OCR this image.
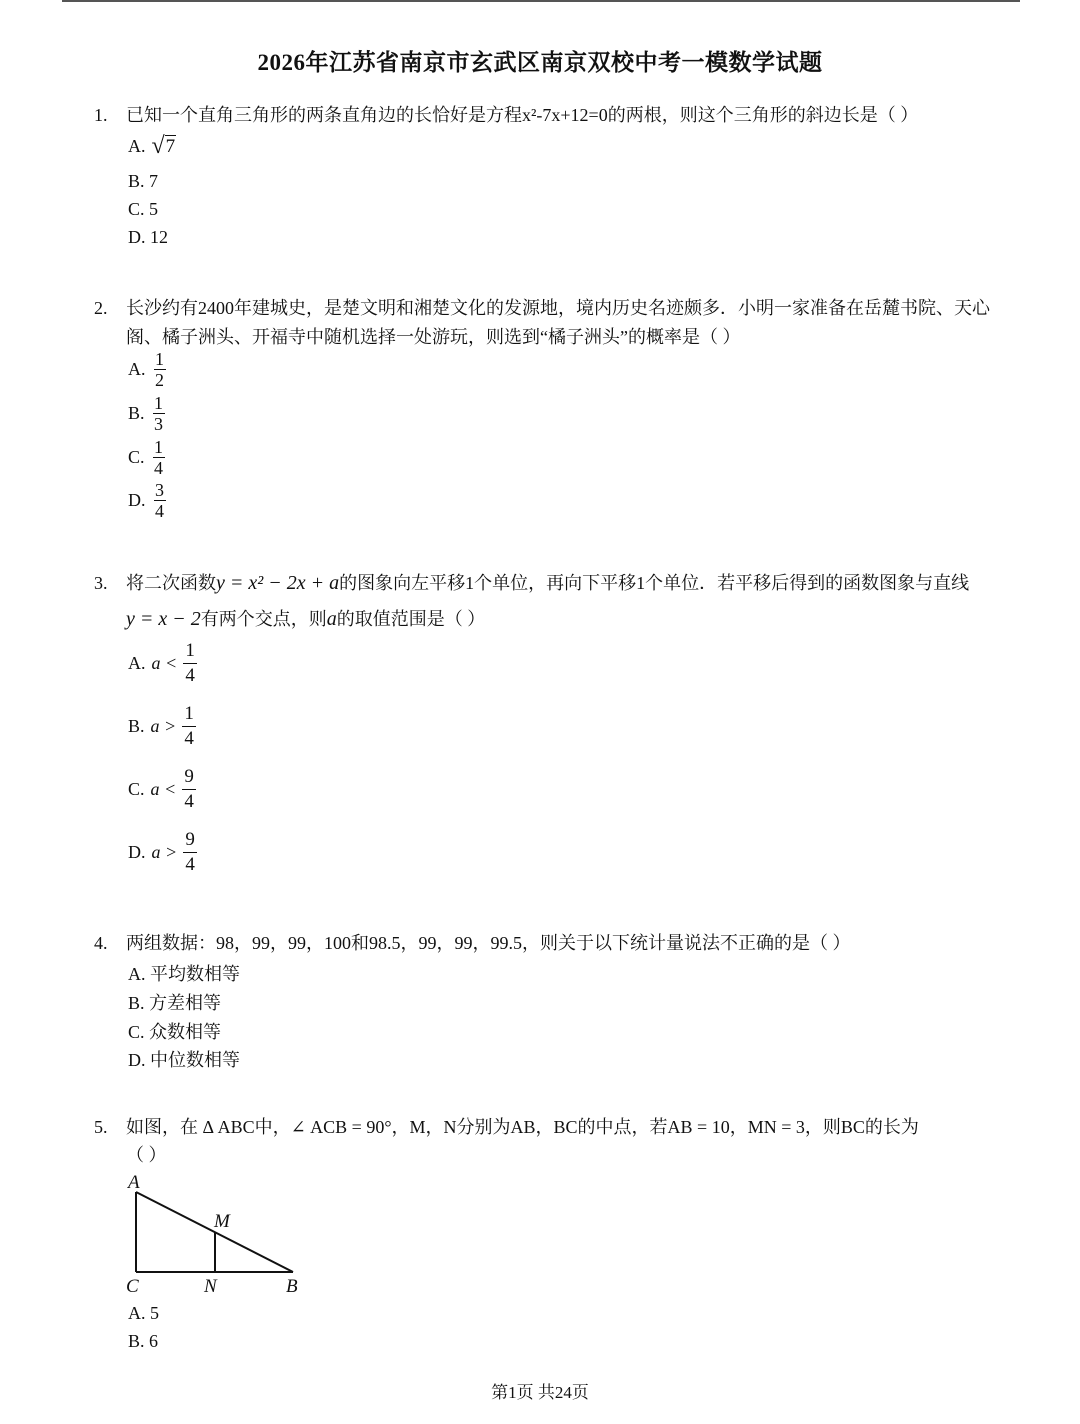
2026年江苏省南京市玄武区南京双校中考一模数学试题
1.	已知一个直角三角形的两条直角边的长恰好是方程x²-7x+12=0的两根，则这个三角形的斜边长是（ ）
A. √ 7
B. 7
C. 5
D. 12
2.	长沙约有2400年建城史，是楚文明和湘楚文化的发源地，境内历史名迹颇多．小明一家准备在岳麓书院、天心
阁、橘子洲头、开福寺中随机选择一处游玩，则选到“橘子洲头”的概率是（ ）
A. $\frac{1}{2}$
B. $\frac{1}{3}$
C. $\frac{1}{4}$
D. $\frac{3}{4}$
3.	将二次函数y = x² − 2x + a的图象向左平移1个单位，再向下平移1个单位．若平移后得到的函数图象与直线
y = x − 2有两个交点，则a的取值范围是（ ）
A. $a < \frac{1}{4}$
B. $a > \frac{1}{4}$
C. $a < \frac{9}{4}$
D. $a > \frac{9}{4}$
4.	两组数据：98，99，99，100和98.5，99，99，99.5，则关于以下统计量说法不正确的是（ ）
A. 平均数相等
B. 方差相等
C. 众数相等
D. 中位数相等
5.	如图，在 Δ ABC中，∠ ACB = 90°，M，N分别为AB，BC的中点，若AB = 10，MN = 3，则BC的长为
（ ）
A
M
C	N	B
A. 5
B. 6
第1页 共24页
